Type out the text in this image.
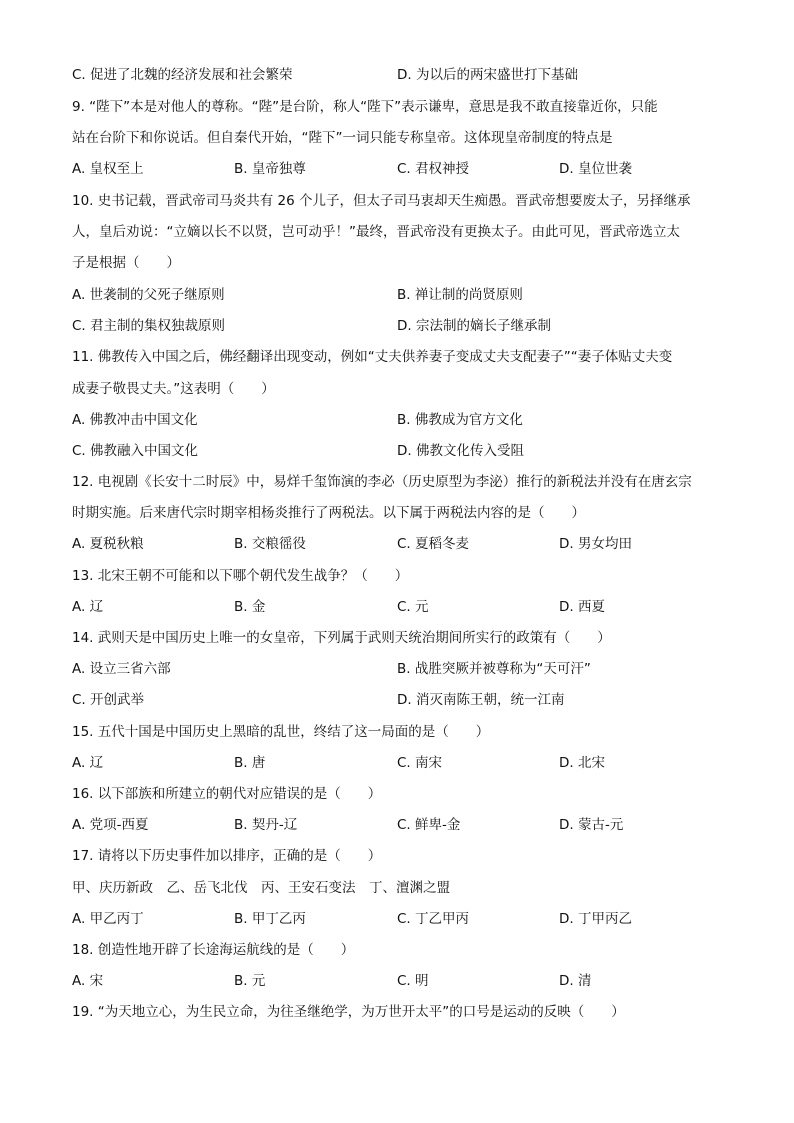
C. 促进了北魏的经济发展和社会繁荣	D. 为以后的两宋盛世打下基础
9. “陛下”本是对他人的尊称。“陛”是台阶，称人“陛下”表示谦卑，意思是我不敢直接靠近你，只能
站在台阶下和你说话。但自秦代开始，“陛下”一词只能专称皇帝。这体现皇帝制度的特点是
A. 皇权至上	B. 皇帝独尊	C. 君权神授	D. 皇位世袭
10. 史书记载，晋武帝司马炎共有 26 个儿子，但太子司马衷却天生痴愚。晋武帝想要废太子，另择继承
人，皇后劝说：“立嫡以长不以贤，岂可动乎！”最终，晋武帝没有更换太子。由此可见，晋武帝选立太
子是根据（　　）
A. 世袭制的父死子继原则	B. 禅让制的尚贤原则
C. 君主制的集权独裁原则	D. 宗法制的嫡长子继承制
11. 佛教传入中国之后，佛经翻译出现变动，例如“丈夫供养妻子变成丈夫支配妻子”“妻子体贴丈夫变
成妻子敬畏丈夫。”这表明（　　）
A. 佛教冲击中国文化	B. 佛教成为官方文化
C. 佛教融入中国文化	D. 佛教文化传入受阻
12. 电视剧《长安十二时辰》中，易烊千玺饰演的李必（历史原型为李泌）推行的新税法并没有在唐玄宗
时期实施。后来唐代宗时期宰相杨炎推行了两税法。以下属于两税法内容的是（　　）
A. 夏税秋粮	B. 交粮徭役	C. 夏稻冬麦	D. 男女均田
13. 北宋王朝不可能和以下哪个朝代发生战争？（　　）
A. 辽	B. 金	C. 元	D. 西夏
14. 武则天是中国历史上唯一的女皇帝，下列属于武则天统治期间所实行的政策有（　　）
A. 设立三省六部	B. 战胜突厥并被尊称为“天可汗”
C. 开创武举	D. 消灭南陈王朝，统一江南
15. 五代十国是中国历史上黑暗的乱世，终结了这一局面的是（　　）
A. 辽	B. 唐	C. 南宋	D. 北宋
16. 以下部族和所建立的朝代对应错误的是（　　）
A. 党项-西夏	B. 契丹-辽	C. 鲜卑-金	D. 蒙古-元
17. 请将以下历史事件加以排序，正确的是（　　）
甲、庆历新政　乙、岳飞北伐　丙、王安石变法　丁、澶渊之盟
A. 甲乙丙丁	B. 甲丁乙丙	C. 丁乙甲丙	D. 丁甲丙乙
18. 创造性地开辟了长途海运航线的是（　　）
A. 宋	B. 元	C. 明	D. 清
19. “为天地立心，为生民立命，为往圣继绝学，为万世开太平”的口号是运动的反映（　　）
